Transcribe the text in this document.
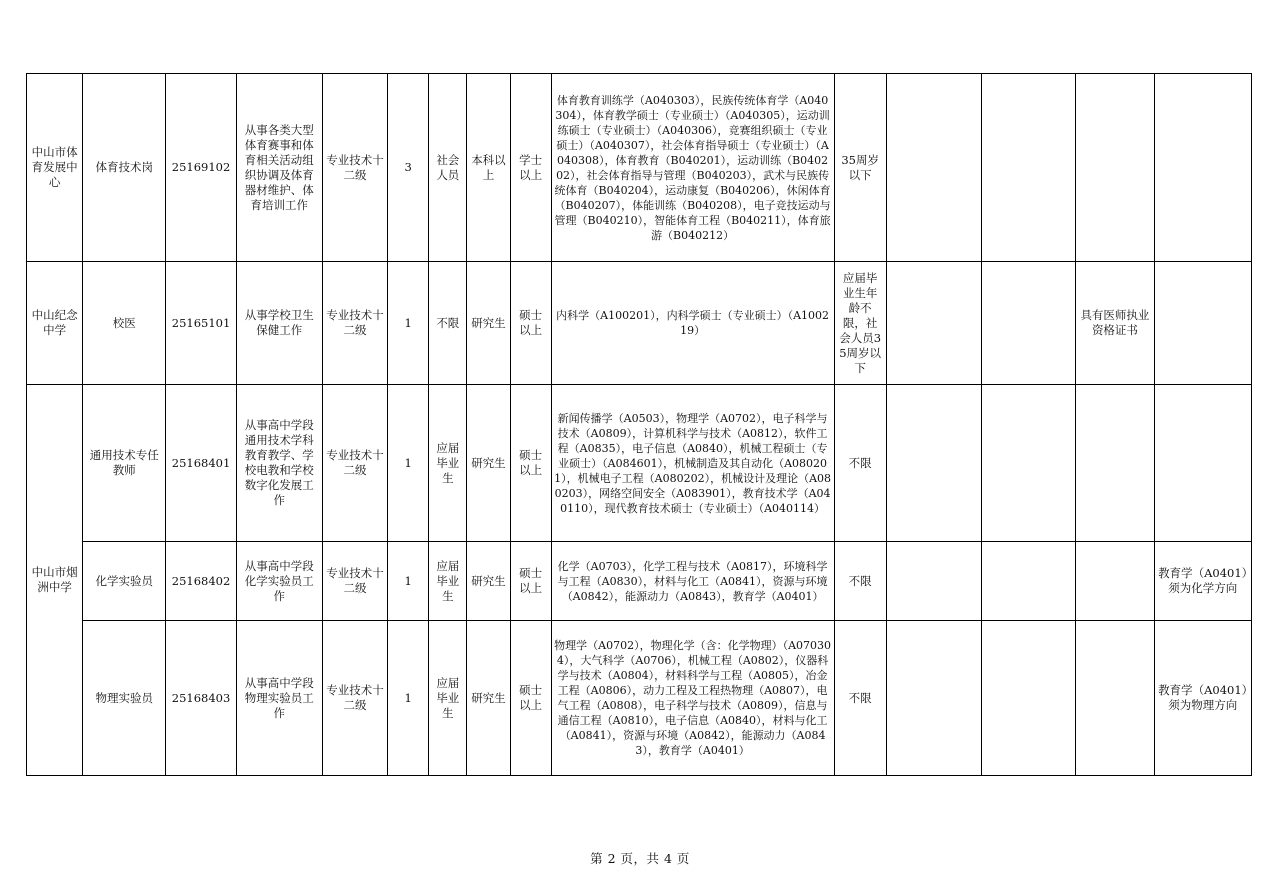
中山市体育发展中心	体育技术岗	25169102	从事各类大型体育赛事和体育相关活动组织协调及体育器材维护、体育培训工作	专业技术十二级	3	社会人员	本科以上	学士以上	体育教育训练学（A040303），民族传统体育学（A040304），体育教学硕士（专业硕士）（A040305），运动训练硕士（专业硕士）（A040306），竞赛组织硕士（专业硕士）（A040307），社会体育指导硕士（专业硕士）（A040308），体育教育（B040201），运动训练（B040202），社会体育指导与管理（B040203），武术与民族传统体育（B040204），运动康复（B040206），休闲体育（B040207），体能训练（B040208），电子竞技运动与管理（B040210），智能体育工程（B040211），体育旅游（B040212）	35周岁以下				
中山纪念中学	校医	25165101	从事学校卫生保健工作	专业技术十二级	1	不限	研究生	硕士以上	内科学（A100201），内科学硕士（专业硕士）（A100219）	应届毕业生年龄不限，社会人员35周岁以下			具有医师执业资格证书	
中山市烟洲中学	通用技术专任教师	25168401	从事高中学段通用技术学科教育教学、学校电教和学校数字化发展工作	专业技术十二级	1	应届毕业生	研究生	硕士以上	新闻传播学（A0503），物理学（A0702），电子科学与技术（A0809），计算机科学与技术（A0812），软件工程（A0835），电子信息（A0840），机械工程硕士（专业硕士）（A084601），机械制造及其自动化（A080201），机械电子工程（A080202），机械设计及理论（A080203），网络空间安全（A083901），教育技术学（A040110），现代教育技术硕士（专业硕士）（A040114）	不限				
	化学实验员	25168402	从事高中学段化学实验员工作	专业技术十二级	1	应届毕业生	研究生	硕士以上	化学（A0703），化学工程与技术（A0817），环境科学与工程（A0830），材料与化工（A0841），资源与环境（A0842），能源动力（A0843），教育学（A0401）	不限				教育学（A0401）须为化学方向
	物理实验员	25168403	从事高中学段物理实验员工作	专业技术十二级	1	应届毕业生	研究生	硕士以上	物理学（A0702），物理化学（含：化学物理）（A070304），大气科学（A0706），机械工程（A0802），仪器科学与技术（A0804），材料科学与工程（A0805），冶金工程（A0806），动力工程及工程热物理（A0807），电气工程（A0808），电子科学与技术（A0809），信息与通信工程（A0810），电子信息（A0840），材料与化工（A0841），资源与环境（A0842），能源动力（A0843），教育学（A0401）	不限				教育学（A0401）须为物理方向
第 2 页，共 4 页
